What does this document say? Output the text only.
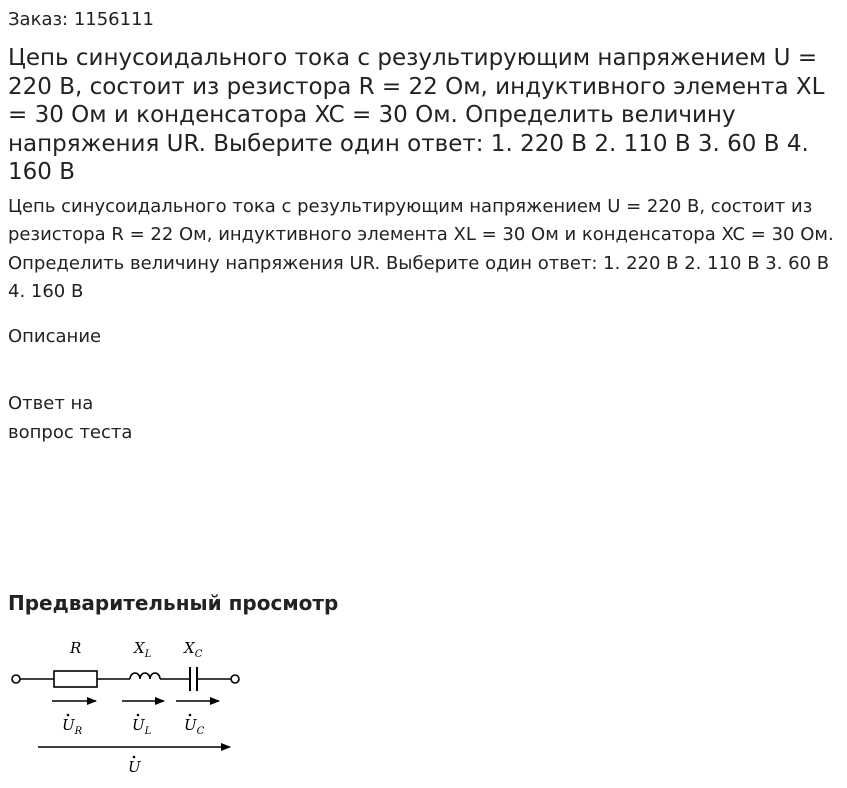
Заказ: 1156111
Цепь синусоидального тока с результирующим напряжением U = 220 В, состоит из резистора R = 22 Ом, индуктивного элемента XL = 30 Ом и конденсатора XC = 30 Ом. Определить величину напряжения UR. Выберите один ответ: 1. 220 В 2. 110 В 3. 60 В 4. 160 В
Цепь синусоидального тока с результирующим напряжением U = 220 В, состоит из резистора R = 22 Ом, индуктивного элемента XL = 30 Ом и конденсатора XC = 30 Ом. Определить величину напряжения UR. Выберите один ответ: 1. 220 В 2. 110 В 3. 60 В 4. 160 В
Описание
Ответ на
вопрос теста
Предварительный просмотр
R	$X_L$ $X_C$
$U_R$	$U_L$ $U_C$
U
